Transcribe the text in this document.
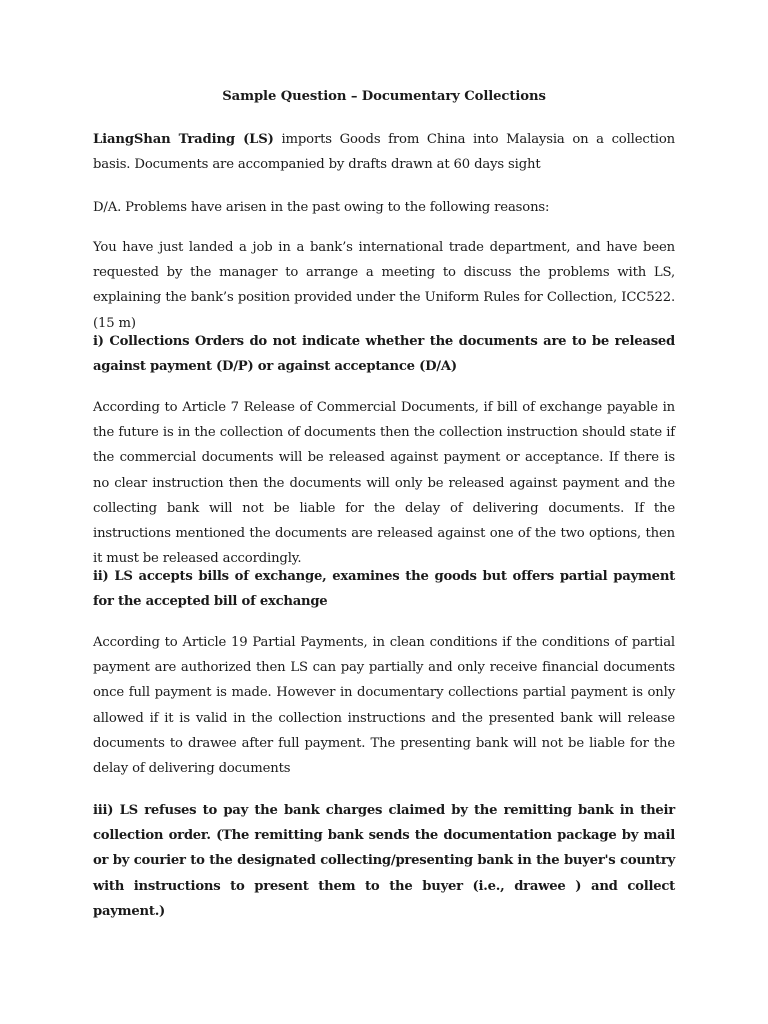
Sample Question – Documentary Collections

LiangShan Trading (LS) imports Goods from China into Malaysia on a collection basis. Documents are accompanied by drafts drawn at 60 days sight

D/A. Problems have arisen in the past owing to the following reasons:

You have just landed a job in a bank’s international trade department, and have been requested by the manager to arrange a meeting to discuss the problems with LS, explaining the bank’s position provided under the Uniform Rules for Collection, ICC522. (15 m)

i) Collections Orders do not indicate whether the documents are to be released against payment (D/P) or against acceptance (D/A)

According to Article 7 Release of Commercial Documents, if bill of exchange payable in the future is in the collection of documents then the collection instruction should state if the commercial documents will be released against payment or acceptance. If there is no clear instruction then the documents will only be released against payment and the collecting bank will not be liable for the delay of delivering documents. If the instructions mentioned the documents are released against one of the two options, then it must be released accordingly.

ii) LS accepts bills of exchange, examines the goods but offers partial payment for the accepted bill of exchange

According to Article 19 Partial Payments, in clean conditions if the conditions of partial payment are authorized then LS can pay partially and only receive financial documents once full payment is made. However in documentary collections partial payment is only allowed if it is valid in the collection instructions and the presented bank will release documents to drawee after full payment. The presenting bank will not be liable for the delay of delivering documents

iii) LS refuses to pay the bank charges claimed by the remitting bank in their collection order. (The remitting bank sends the documentation package by mail or by courier to the designated collecting/presenting bank in the buyer's country with instructions to present them to the buyer (i.e., drawee ) and collect payment.)
